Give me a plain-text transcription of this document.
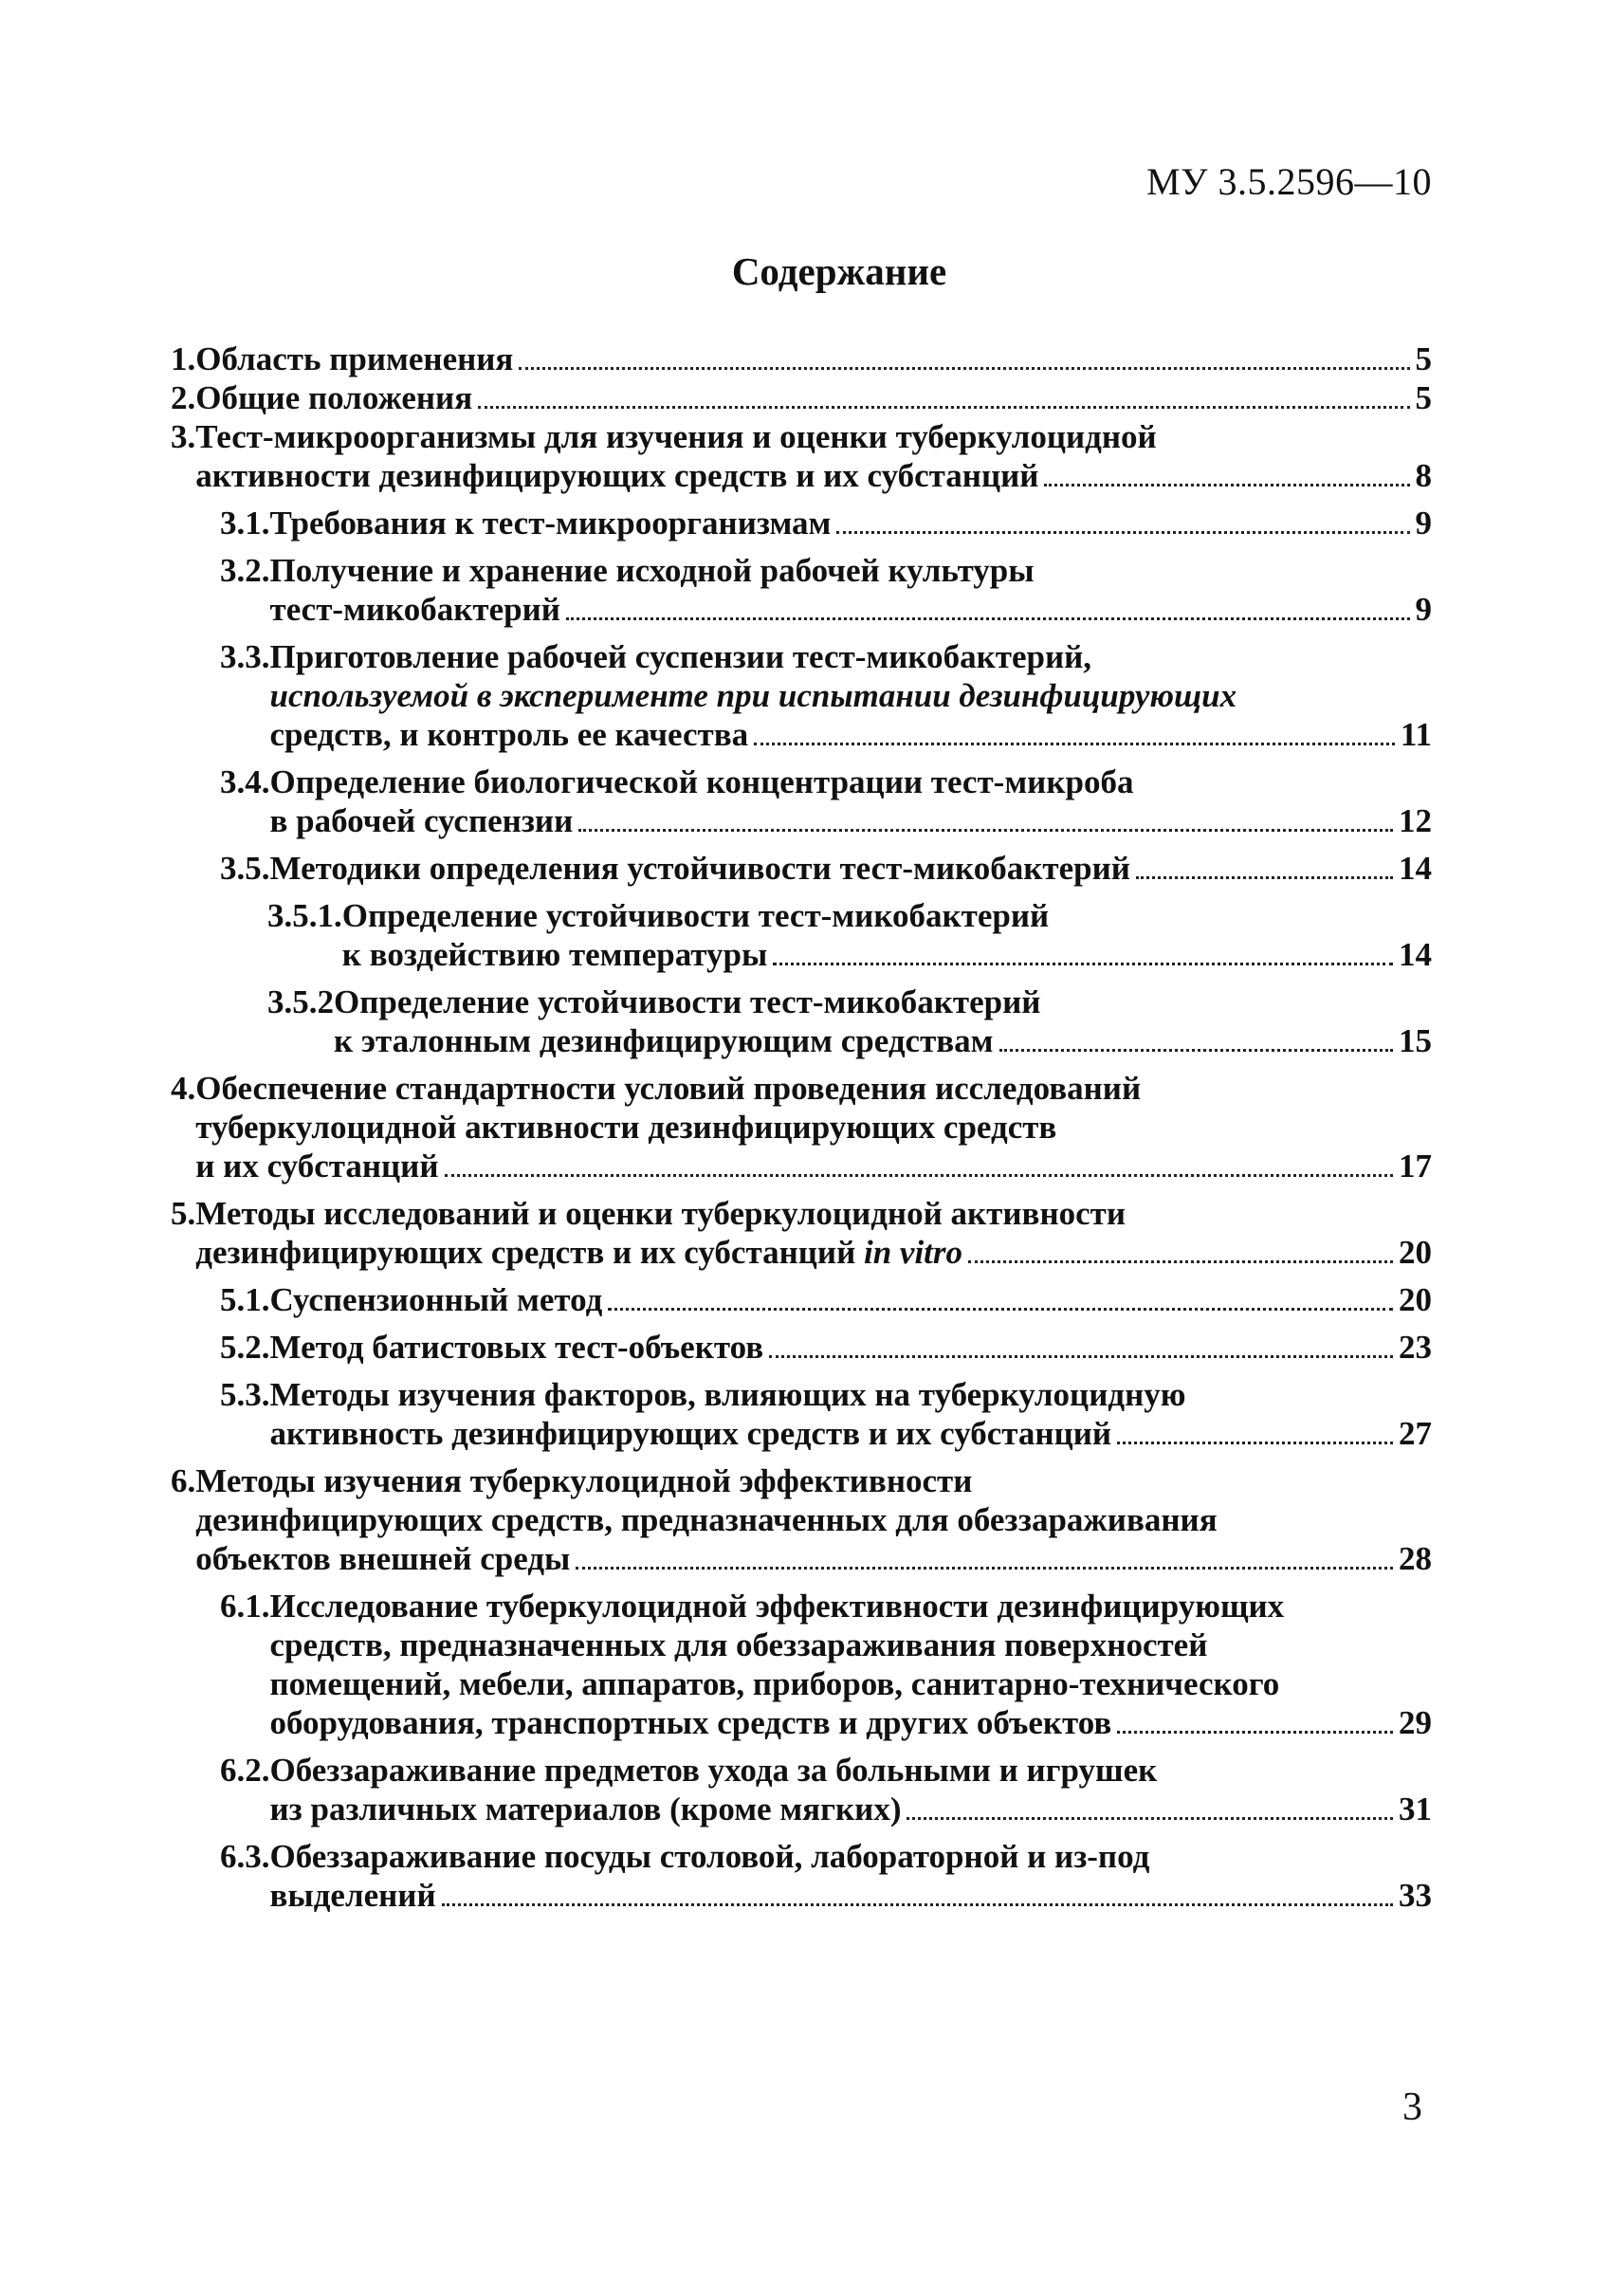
МУ 3.5.2596—10
Содержание
1. Область применения	5
2. Общие положения	5
3. Тест-микроорганизмы для изучения и оценки туберкулоцидной
активности дезинфицирующих средств и их субстанций	8
3.1. Требования к тест-микроорганизмам	9
3.2. Получение и хранение исходной рабочей культуры
тест-микобактерий	9
3.3. Приготовление рабочей суспензии тест-микобактерий,
используемой в эксперименте при испытании дезинфицирующих
средств, и контроль ее качества	11
3.4. Определение биологической концентрации тест-микроба
в рабочей суспензии	12
3.5. Методики определения устойчивости тест-микобактерий	14
3.5.1. Определение устойчивости тест-микобактерий
к воздействию температуры	14
3.5.2 Определение устойчивости тест-микобактерий
к эталонным дезинфицирующим средствам	15
4. Обеспечение стандартности условий проведения исследований
туберкулоцидной активности дезинфицирующих средств
и их субстанций	17
5. Методы исследований и оценки туберкулоцидной активности
дезинфицирующих средств и их субстанций
in vitro	20
5.1. Суспензионный метод	20
5.2. Метод батистовых тест-объектов	23
5.3. Методы изучения факторов, влияющих на туберкулоцидную
активность дезинфицирующих средств и их субстанций	27
6. Методы изучения туберкулоцидной эффективности
дезинфицирующих средств, предназначенных для обеззараживания
объектов внешней среды	28
6.1. Исследование туберкулоцидной эффективности дезинфицирующих
средств, предназначенных для обеззараживания поверхностей
помещений, мебели, аппаратов, приборов, санитарно-технического
оборудования, транспортных средств и других объектов	29
6.2. Обеззараживание предметов ухода за больными и игрушек
из различных материалов (кроме мягких)	31
6.3. Обеззараживание посуды столовой, лабораторной и из-под
выделений	33
3
